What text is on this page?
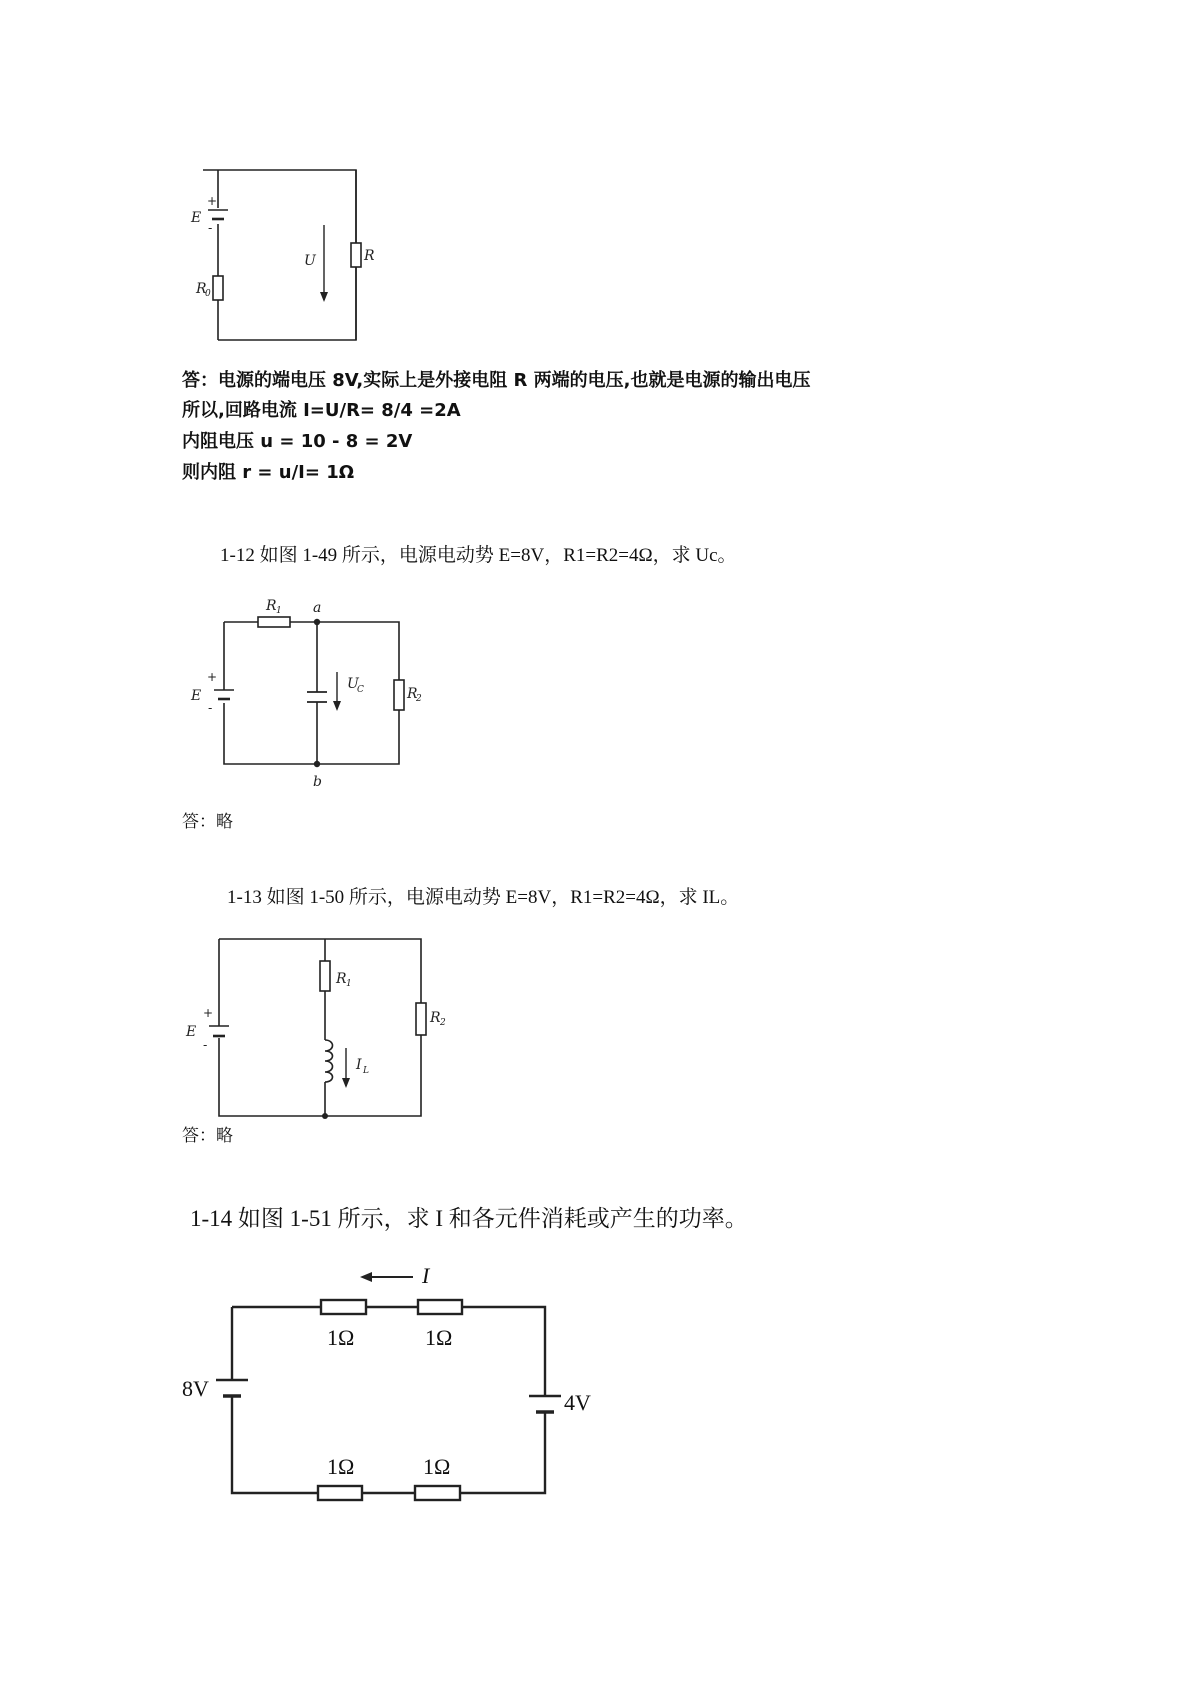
+
-
E
R
0
R
U
答：电源的端电压 8V,实际上是外接电阻 R 两端的电压,也就是电源的输出电压
所以,回路电流 I=U/R= 8/4 =2A
内阻电压 u = 10 - 8 = 2V
则内阻 r = u/I= 1Ω
1-12 如图 1-49 所示，电源电动势 E=8V，R1=R2=4Ω，求 Uc。
R 1 a
b
U
C	R
2
+
-
E
答：略
1-13 如图 1-50 所示，电源电动势 E=8V，R1=R2=4Ω，求 IL。
R 1
I L
R 2
+
-
E
答：略
1-14 如图 1-51 所示，求 I 和各元件消耗或产生的功率。
1Ω	1Ω
1Ω	1Ω
I
8V
4V
